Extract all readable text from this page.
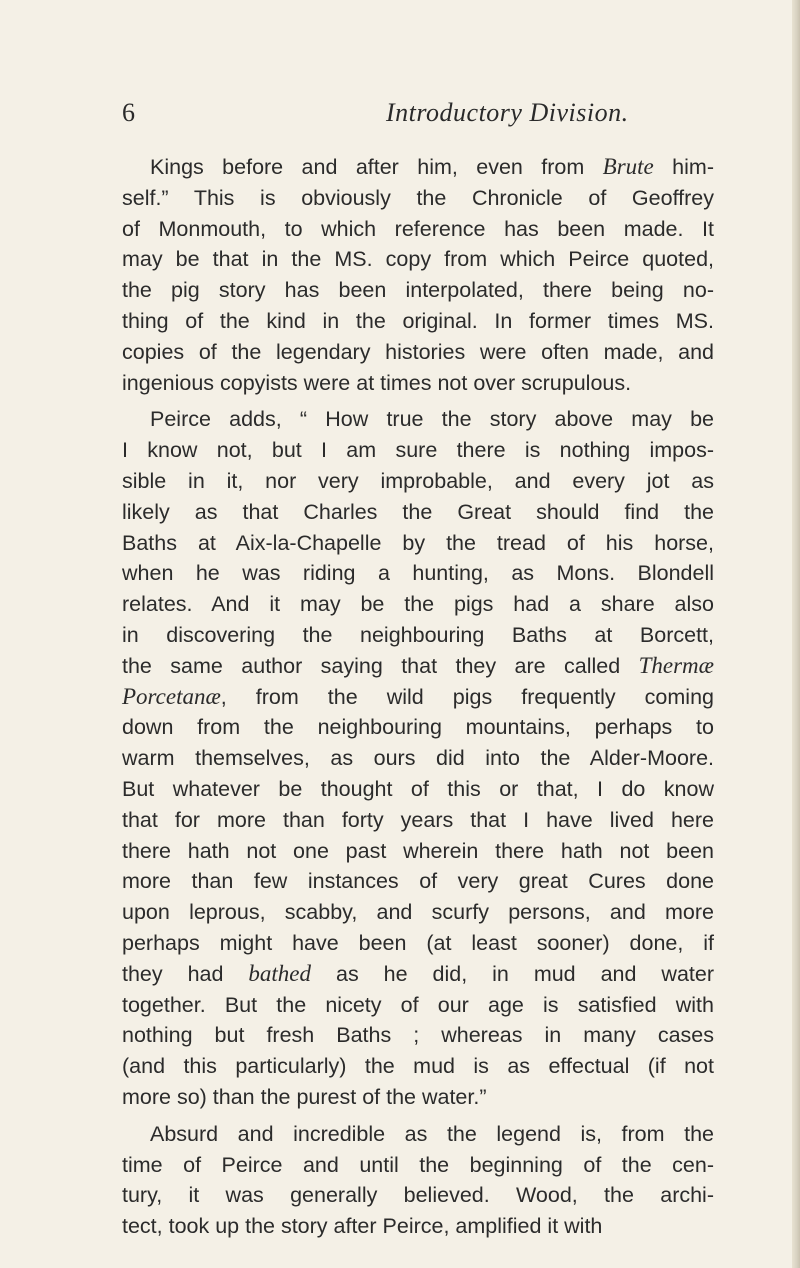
6	Introductory Division.
Kings before and after him, even from Brute him-
self.” This is obviously the Chronicle of Geoffrey
of Monmouth, to which reference has been made. It
may be that in the MS. copy from which Peirce quoted,
the pig story has been interpolated, there being no-
thing of the kind in the original. In former times MS.
copies of the legendary histories were often made, and
ingenious copyists were at times not over scrupulous.
Peirce adds, “ How true the story above may be
I know not, but I am sure there is nothing impos-
sible in it, nor very improbable, and every jot as
likely as that Charles the Great should find the
Baths at Aix-la-Chapelle by the tread of his horse,
when he was riding a hunting, as Mons. Blondell
relates. And it may be the pigs had a share also
in discovering the neighbouring Baths at Borcett,
the same author saying that they are called Thermæ
Porcetanæ, from the wild pigs frequently coming
down from the neighbouring mountains, perhaps to
warm themselves, as ours did into the Alder-Moore.
But whatever be thought of this or that, I do know
that for more than forty years that I have lived here
there hath not one past wherein there hath not been
more than few instances of very great Cures done
upon leprous, scabby, and scurfy persons, and more
perhaps might have been (at least sooner) done, if
they had bathed as he did, in mud and water
together. But the nicety of our age is satisfied with
nothing but fresh Baths ; whereas in many cases
(and this particularly) the mud is as effectual (if not
more so) than the purest of the water.”
Absurd and incredible as the legend is, from the
time of Peirce and until the beginning of the cen-
tury, it was generally believed. Wood, the archi-
tect, took up the story after Peirce, amplified it with
